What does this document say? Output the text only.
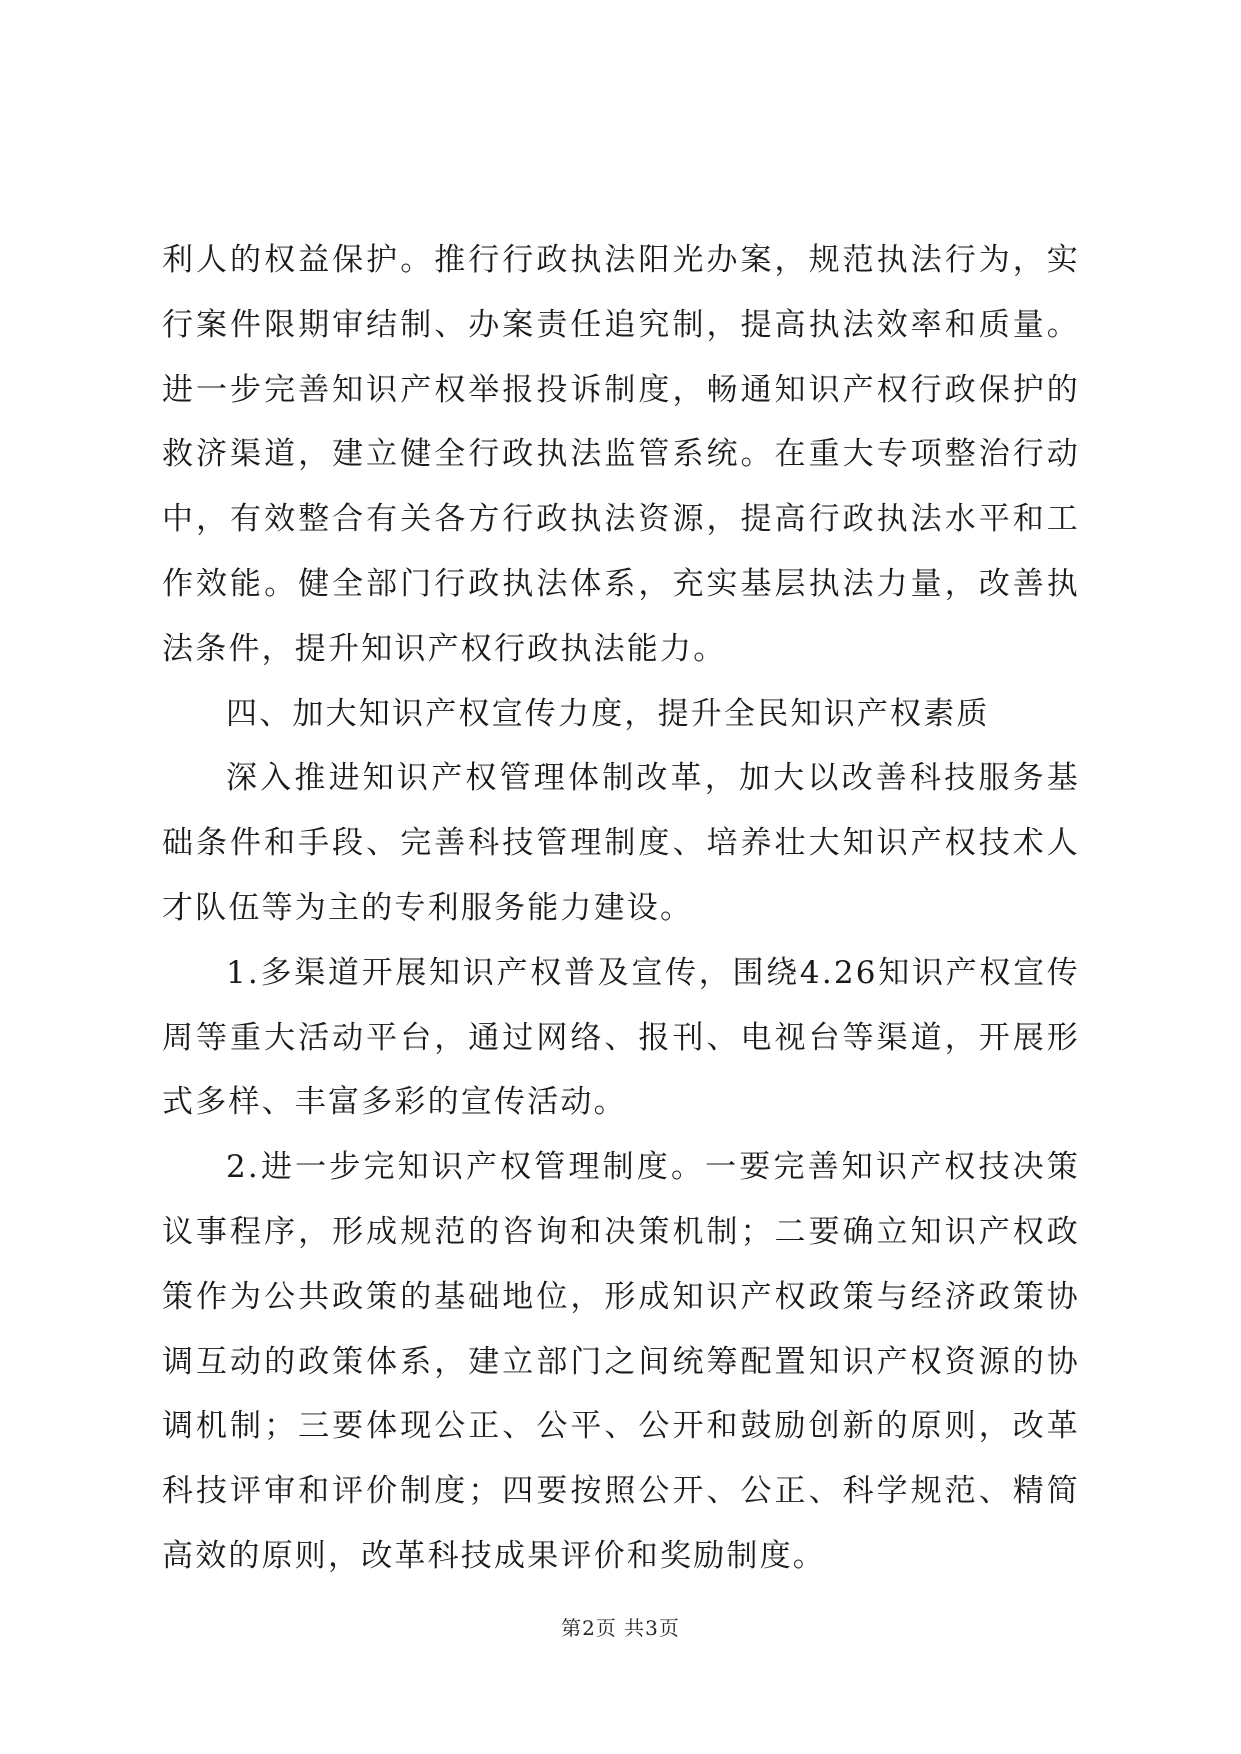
利人的权益保护。推行行政执法阳光办案，规范执法行为，实行案件限期审结制、办案责任追究制，提高执法效率和质量。进一步完善知识产权举报投诉制度，畅通知识产权行政保护的救济渠道，建立健全行政执法监管系统。在重大专项整治行动中，有效整合有关各方行政执法资源，提高行政执法水平和工作效能。健全部门行政执法体系，充实基层执法力量，改善执法条件，提升知识产权行政执法能力。

四、加大知识产权宣传力度，提升全民知识产权素质

深入推进知识产权管理体制改革，加大以改善科技服务基础条件和手段、完善科技管理制度、培养壮大知识产权技术人才队伍等为主的专利服务能力建设。

1.多渠道开展知识产权普及宣传，围绕4.26知识产权宣传周等重大活动平台，通过网络、报刊、电视台等渠道，开展形式多样、丰富多彩的宣传活动。

2.进一步完知识产权管理制度。一要完善知识产权技决策议事程序，形成规范的咨询和决策机制；二要确立知识产权政策作为公共政策的基础地位，形成知识产权政策与经济政策协调互动的政策体系，建立部门之间统筹配置知识产权资源的协调机制；三要体现公正、公平、公开和鼓励创新的原则，改革科技评审和评价制度；四要按照公开、公正、科学规范、精简高效的原则，改革科技成果评价和奖励制度。

第2页 共3页
